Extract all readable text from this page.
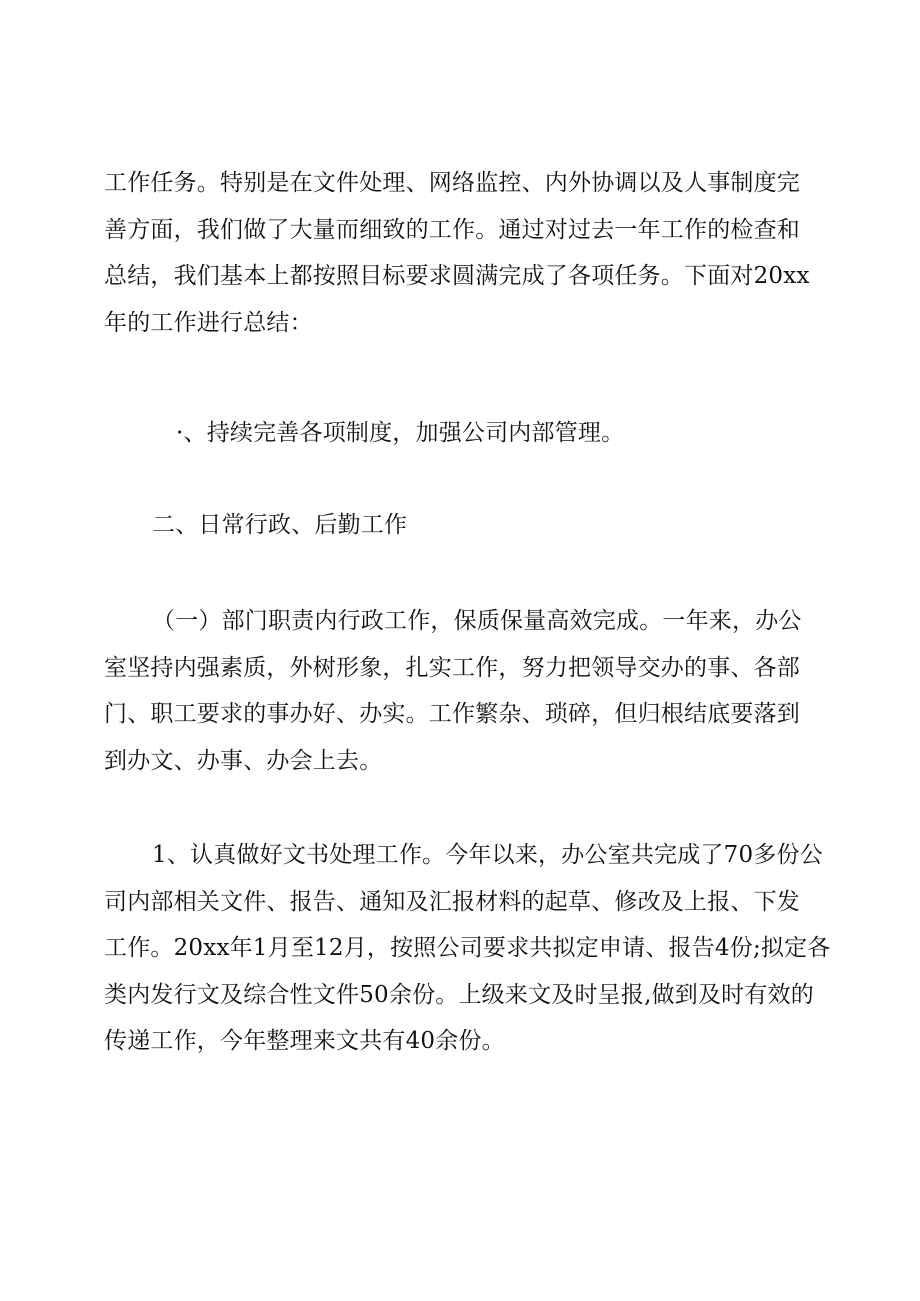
工作任务。特别是在文件处理、网络监控、内外协调以及人事制度完
善方面，我们做了大量而细致的工作。通过对过去一年工作的检查和
总结，我们基本上都按照目标要求圆满完成了各项任务。下面对20xx
年的工作进行总结：
·、持续完善各项制度，加强公司内部管理。
二、日常行政、后勤工作
（一）部门职责内行政工作，保质保量高效完成。一年来，办公
室坚持内强素质，外树形象，扎实工作，努力把领导交办的事、各部
门、职工要求的事办好、办实。工作繁杂、琐碎，但归根结底要落到
到办文、办事、办会上去。
1、认真做好文书处理工作。今年以来，办公室共完成了70多份公
司内部相关文件、报告、通知及汇报材料的起草、修改及上报、下发
工作。20xx年1月至12月，按照公司要求共拟定申请、报告4份;拟定各
类内发行文及综合性文件50余份。上级来文及时呈报,做到及时有效的
传递工作，今年整理来文共有40余份。
